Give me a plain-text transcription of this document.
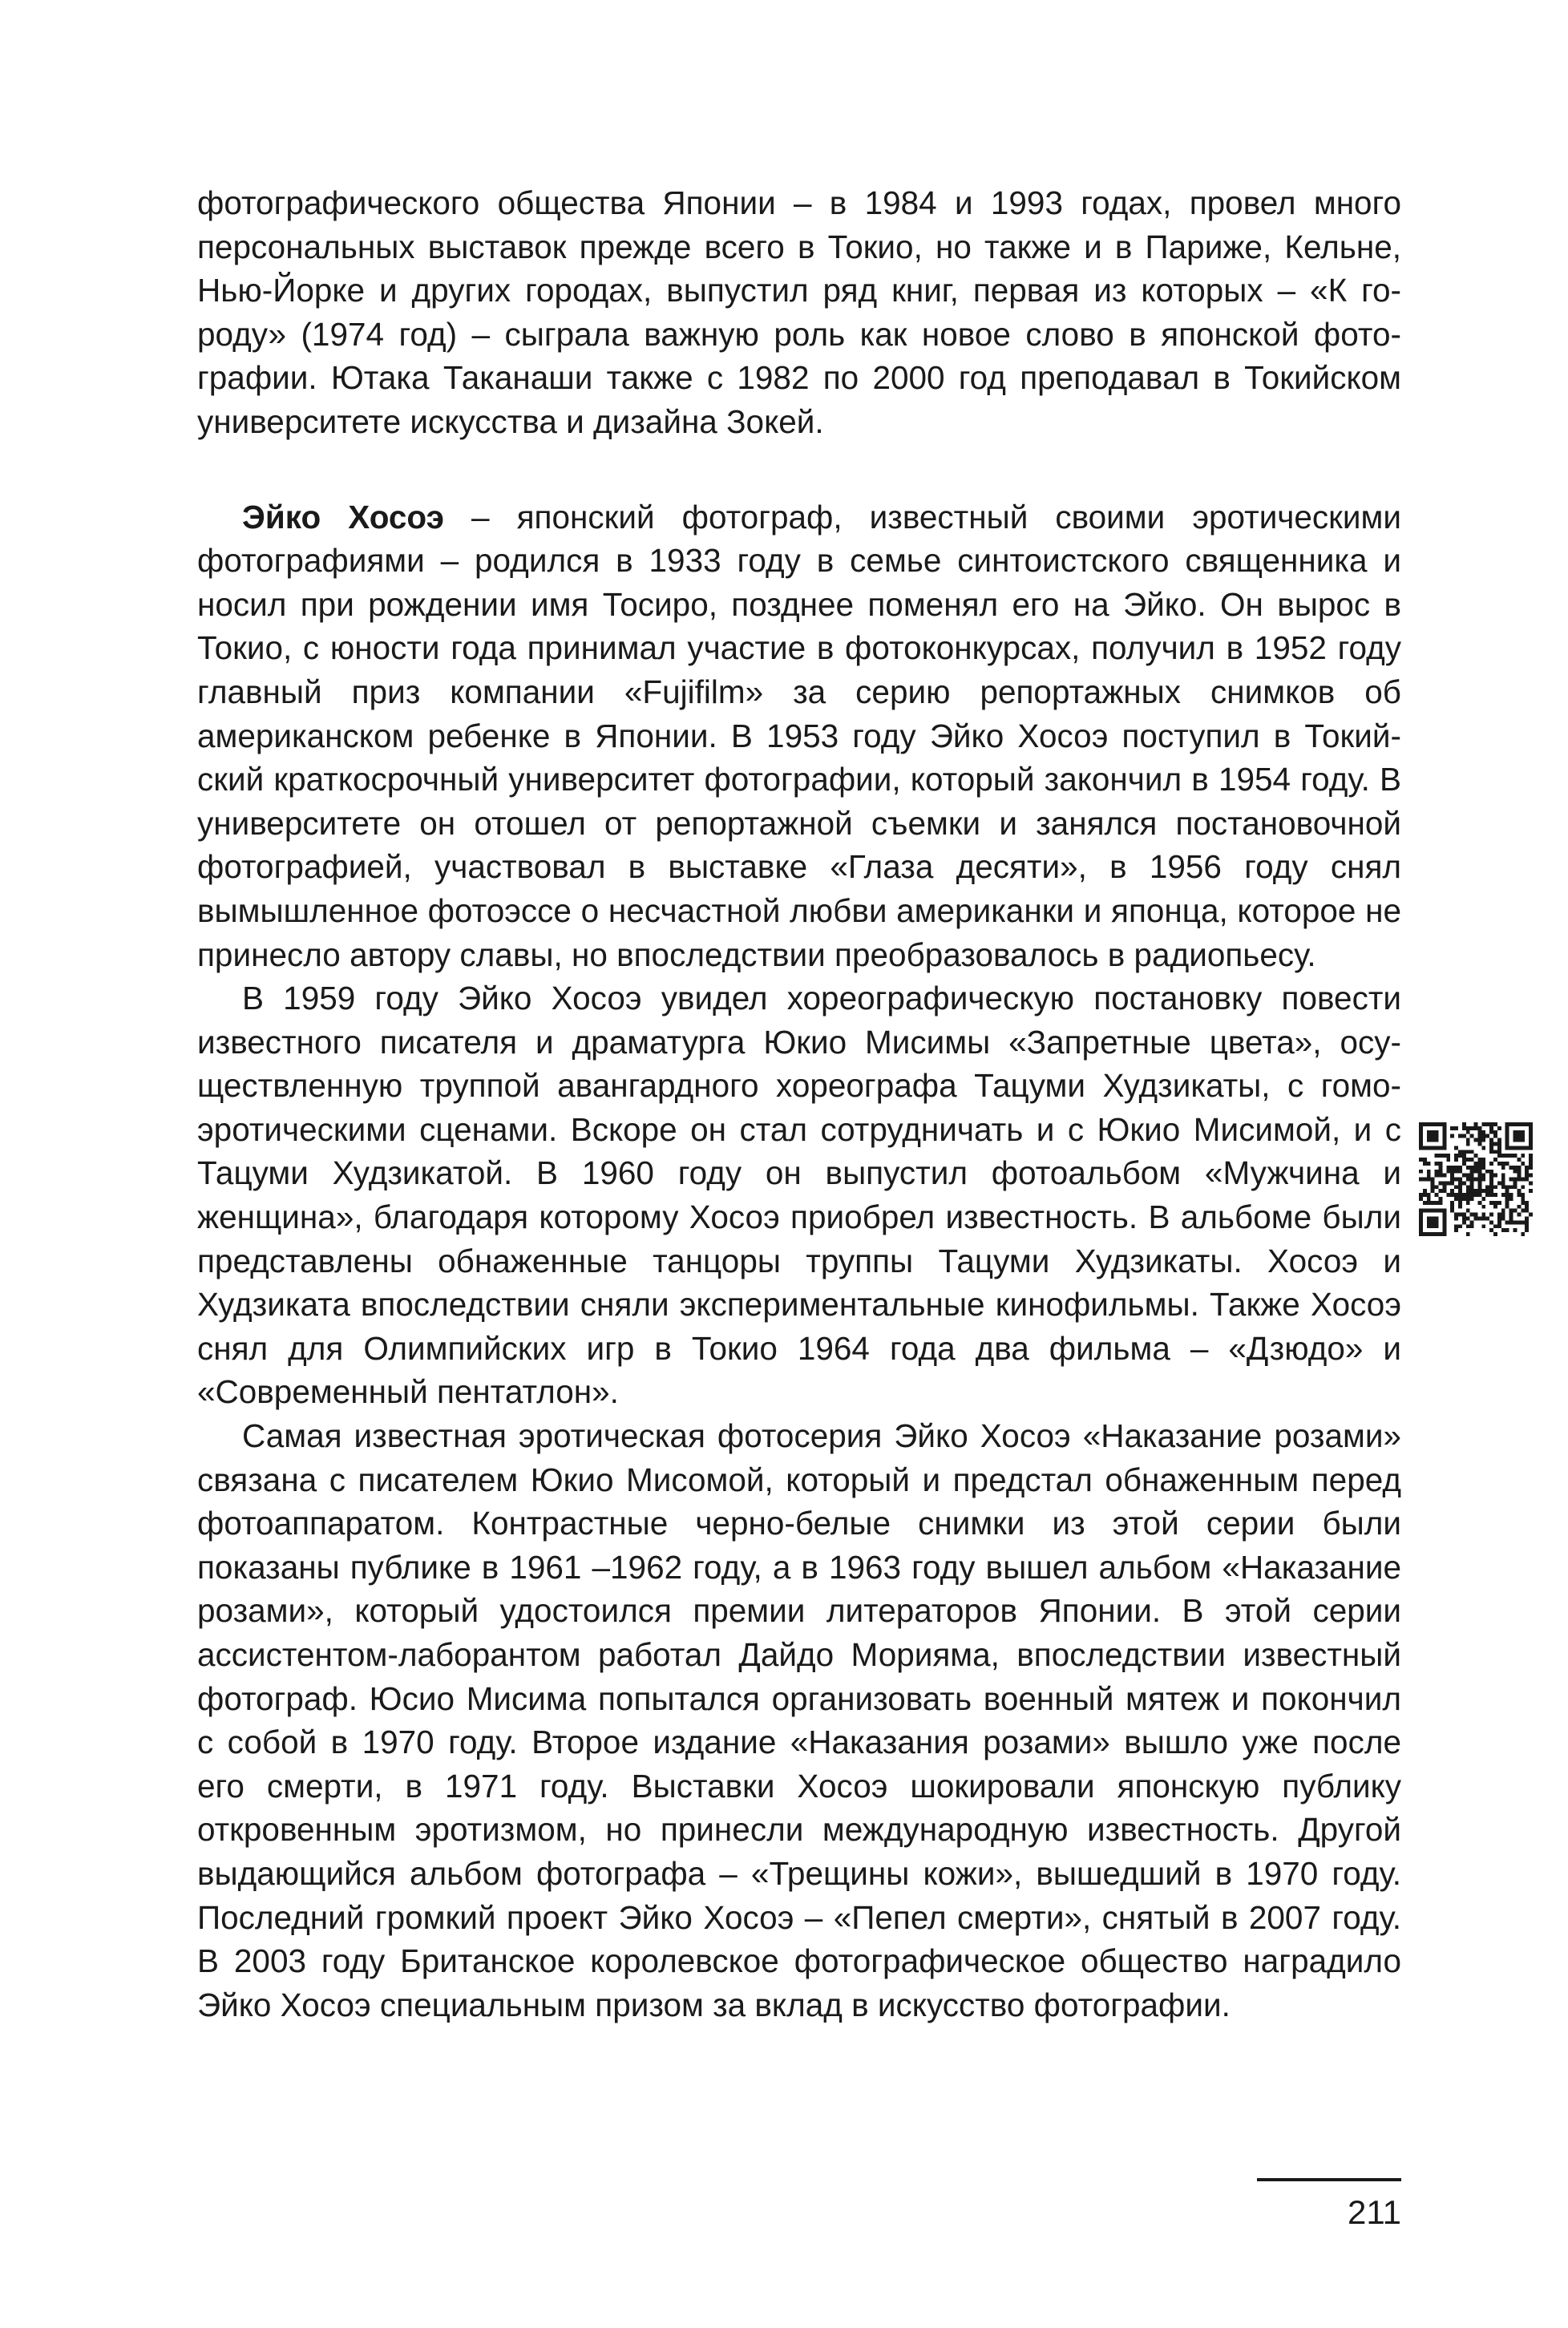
фотографического общества Японии – в 1984 и 1993 годах, провел много персональных выставок прежде всего в Токио, но также и в Париже, Кельне, Нью-Йорке и других городах, выпустил ряд книг, первая из которых – «К городу» (1974 год) – сыграла важную роль как новое слово в японской фотографии. Ютака Таканаши также с 1982 по 2000 год преподавал в Токийском университете искусства и дизайна Зокей.

Эйко Хосоэ – японский фотограф, известный своими эротическими фотографиями – родился в 1933 году в семье синтоистского священника и носил при рождении имя Тосиро, позднее поменял его на Эйко. Он вырос в Токио, с юности года принимал участие в фотоконкурсах, получил в 1952 году главный приз компании «Fujifilm» за серию репортажных снимков об американском ребенке в Японии. В 1953 году Эйко Хосоэ поступил в Токийский краткосрочный университет фотографии, который закончил в 1954 году. В университете он отошел от репортажной съемки и занялся постановочной фотографией, участвовал в выставке «Глаза десяти», в 1956 году снял вымышленное фотоэссе о несчастной любви американки и японца, которое не принесло автору славы, но впоследствии преобразовалось в радиопьесу.

В 1959 году Эйко Хосоэ увидел хореографическую постановку повести известного писателя и драматурга Юкио Мисимы «Запретные цвета», осуществленную труппой авангардного хореографа Тацуми Худзикаты, с гомоэротическими сценами. Вскоре он стал сотрудничать и с Юкио Мисимой, и с Тацуми Худзикатой. В 1960 году он выпустил фотоальбом «Мужчина и женщина», благодаря которому Хосоэ приобрел известность. В альбоме были представлены обнаженные танцоры труппы Тацуми Худзикаты. Хосоэ и Худзиката впоследствии сняли экспериментальные кинофильмы. Также Хосоэ снял для Олимпийских игр в Токио 1964 года два фильма – «Дзюдо» и «Современный пентатлон».

Самая известная эротическая фотосерия Эйко Хосоэ «Наказание розами» связана с писателем Юкио Мисомой, который и предстал обнаженным перед фотоаппаратом. Контрастные черно-белые снимки из этой серии были показаны публике в 1961 –1962 году, а в 1963 году вышел альбом «Наказание розами», который удостоился премии литераторов Японии. В этой серии ассистентом-лаборантом работал Дайдо Морияма, впоследствии известный фотограф. Юсио Мисима попытался организовать военный мятеж и покончил с собой в 1970 году. Второе издание «Наказания розами» вышло уже после его смерти, в 1971 году. Выставки Хосоэ шокировали японскую публику откровенным эротизмом, но принесли международную известность. Другой выдающийся альбом фотографа – «Трещины кожи», вышедший в 1970 году. Последний громкий проект Эйко Хосоэ – «Пепел смерти», снятый в 2007 году. В 2003 году Британское королевское фотографическое общество наградило Эйко Хосоэ специальным призом за вклад в искусство фотографии.

211
